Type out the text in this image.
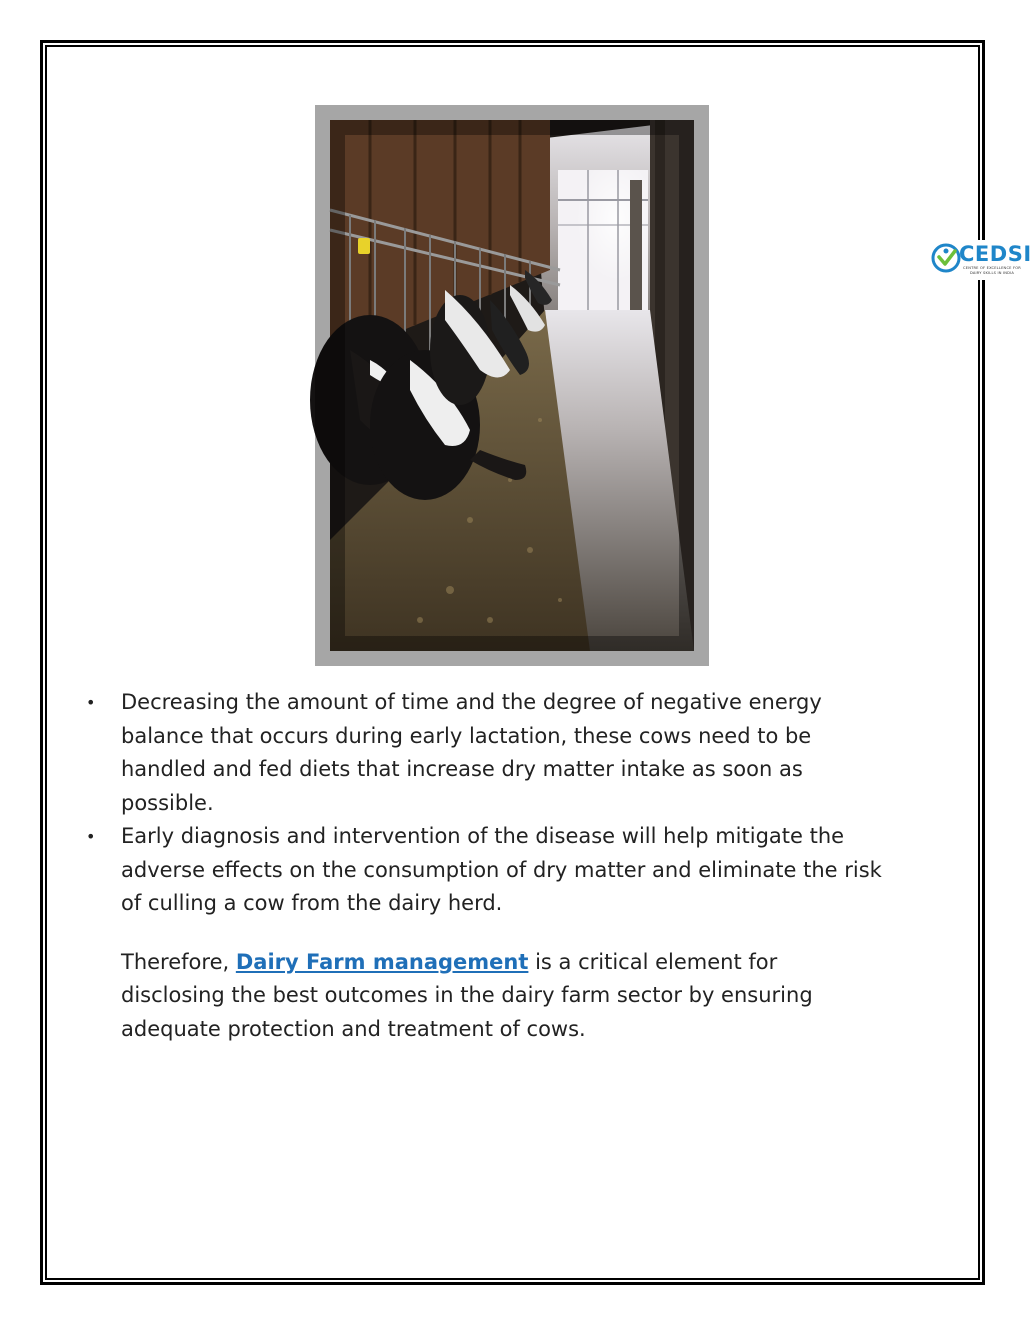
CEDSI
CENTRE OF EXCELLENCE FOR DAIRY SKILLS IN INDIA
• Decreasing the amount of time and the degree of negative energy balance that occurs during early lactation, these cows need to be handled and fed diets that increase dry matter intake as soon as possible.
• Early diagnosis and intervention of the disease will help mitigate the adverse effects on the consumption of dry matter and eliminate the risk of culling a cow from the dairy herd.

Therefore, Dairy Farm management is a critical element for disclosing the best outcomes in the dairy farm sector by ensuring adequate protection and treatment of cows.
